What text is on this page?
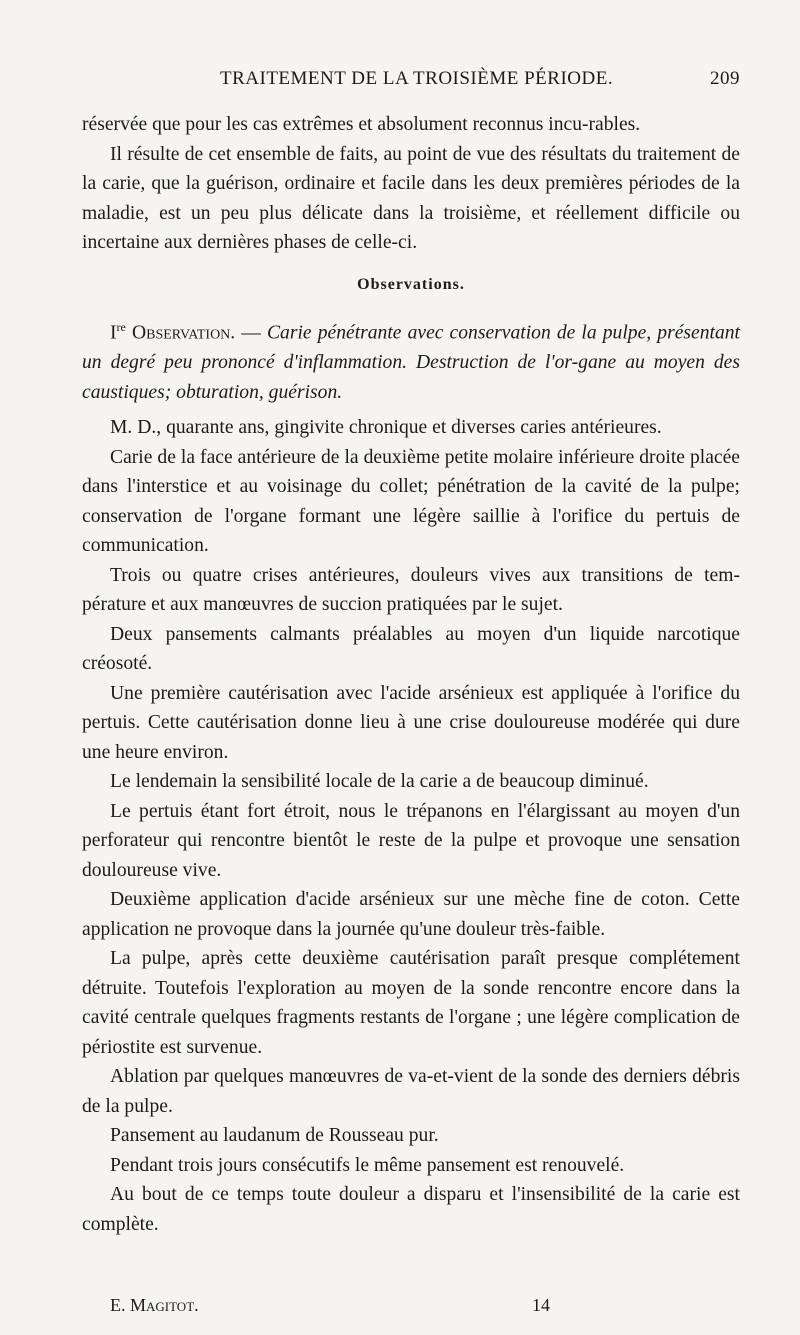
TRAITEMENT DE LA TROISIÈME PÉRIODE.	209

réservée que pour les cas extrêmes et absolument reconnus incu-rables.

Il résulte de cet ensemble de faits, au point de vue des résultats du traitement de la carie, que la guérison, ordinaire et facile dans les deux premières périodes de la maladie, est un peu plus délicate dans la troisième, et réellement difficile ou incertaine aux dernières phases de celle-ci.

Observations.

Ire Observation. — Carie pénétrante avec conservation de la pulpe, présentant un degré peu prononcé d'inflammation. Destruction de l'or-gane au moyen des caustiques; obturation, guérison.

M. D., quarante ans, gingivite chronique et diverses caries antérieures.

Carie de la face antérieure de la deuxième petite molaire inférieure droite placée dans l'interstice et au voisinage du collet; pénétration de la cavité de la pulpe; conservation de l'organe formant une légère saillie à l'orifice du pertuis de communication.

Trois ou quatre crises antérieures, douleurs vives aux transitions de tem-pérature et aux manœuvres de succion pratiquées par le sujet.

Deux pansements calmants préalables au moyen d'un liquide narcotique créosoté.

Une première cautérisation avec l'acide arsénieux est appliquée à l'orifice du pertuis. Cette cautérisation donne lieu à une crise douloureuse modérée qui dure une heure environ.

Le lendemain la sensibilité locale de la carie a de beaucoup diminué.

Le pertuis étant fort étroit, nous le trépanons en l'élargissant au moyen d'un perforateur qui rencontre bientôt le reste de la pulpe et provoque une sensation douloureuse vive.

Deuxième application d'acide arsénieux sur une mèche fine de coton. Cette application ne provoque dans la journée qu'une douleur très-faible.

La pulpe, après cette deuxième cautérisation paraît presque complétement détruite. Toutefois l'exploration au moyen de la sonde rencontre encore dans la cavité centrale quelques fragments restants de l'organe ; une légère complication de périostite est survenue.

Ablation par quelques manœuvres de va-et-vient de la sonde des derniers débris de la pulpe.

Pansement au laudanum de Rousseau pur.

Pendant trois jours consécutifs le même pansement est renouvelé.

Au bout de ce temps toute douleur a disparu et l'insensibilité de la carie est complète.

E. Magitot.	14
